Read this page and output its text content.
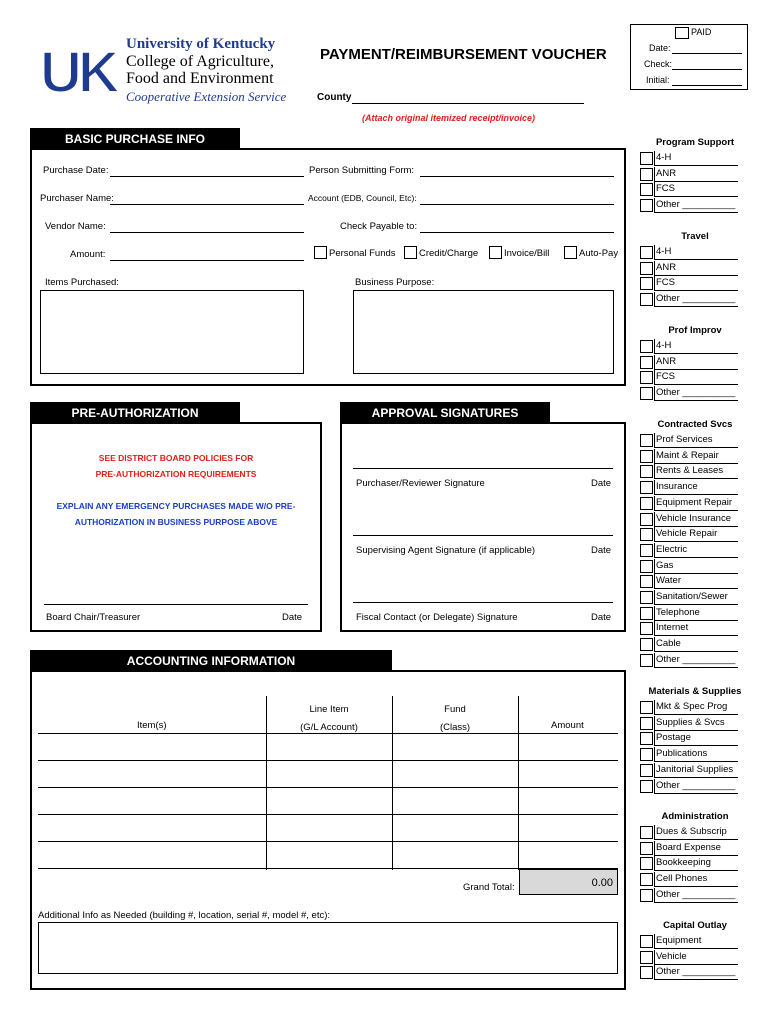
UK University of Kentucky
College of Agriculture,
Food and Environment
Cooperative Extension Service
PAYMENT/REIMBURSEMENT VOUCHER
County
(Attach original itemized receipt/invoice)
PAID
Date:
Check:
Initial:
BASIC PURCHASE INFO
Purchase Date:
Purchaser Name:
Vendor Name:
Amount:
Person Submitting Form:
Account (EDB, Council, Etc):
Check Payable to:
Personal Funds Credit/Charge	Invoice/Bill	Auto-Pay
Items Purchased:	Business Purpose:
PRE-AUTHORIZATION
SEE DISTRICT BOARD POLICIES FOR
PRE-AUTHORIZATION REQUIREMENTS
EXPLAIN ANY EMERGENCY PURCHASES MADE W/O PRE-
AUTHORIZATION IN BUSINESS PURPOSE ABOVE
Board Chair/Treasurer	Date
APPROVAL SIGNATURES
Purchaser/Reviewer Signature	Date
Supervising Agent Signature (if applicable)	Date
Fiscal Contact (or Delegate) Signature	Date
ACCOUNTING INFORMATION
Item(s)
Line Item
(G/L Account)
Fund
(Class)	Amount
Grand Total:	0.00
Additional Info as Needed (building #, location, serial #, model #, etc):
Program Support
4-H
ANR
FCS
Other __________
Travel
4-H
ANR
FCS
Other __________
Prof Improv
4-H
ANR
FCS
Other __________
Contracted Svcs
Prof Services
Maint & Repair
Rents & Leases
Insurance
Equipment Repair
Vehicle Insurance
Vehicle Repair
Electric
Gas
Water
Sanitation/Sewer
Telephone
Internet
Cable
Other __________
Materials & Supplies
Mkt & Spec Prog
Supplies & Svcs
Postage
Publications
Janitorial Supplies
Other __________
Administration
Dues & Subscrip
Board Expense
Bookkeeping
Cell Phones
Other __________
Capital Outlay
Equipment
Vehicle
Other __________
